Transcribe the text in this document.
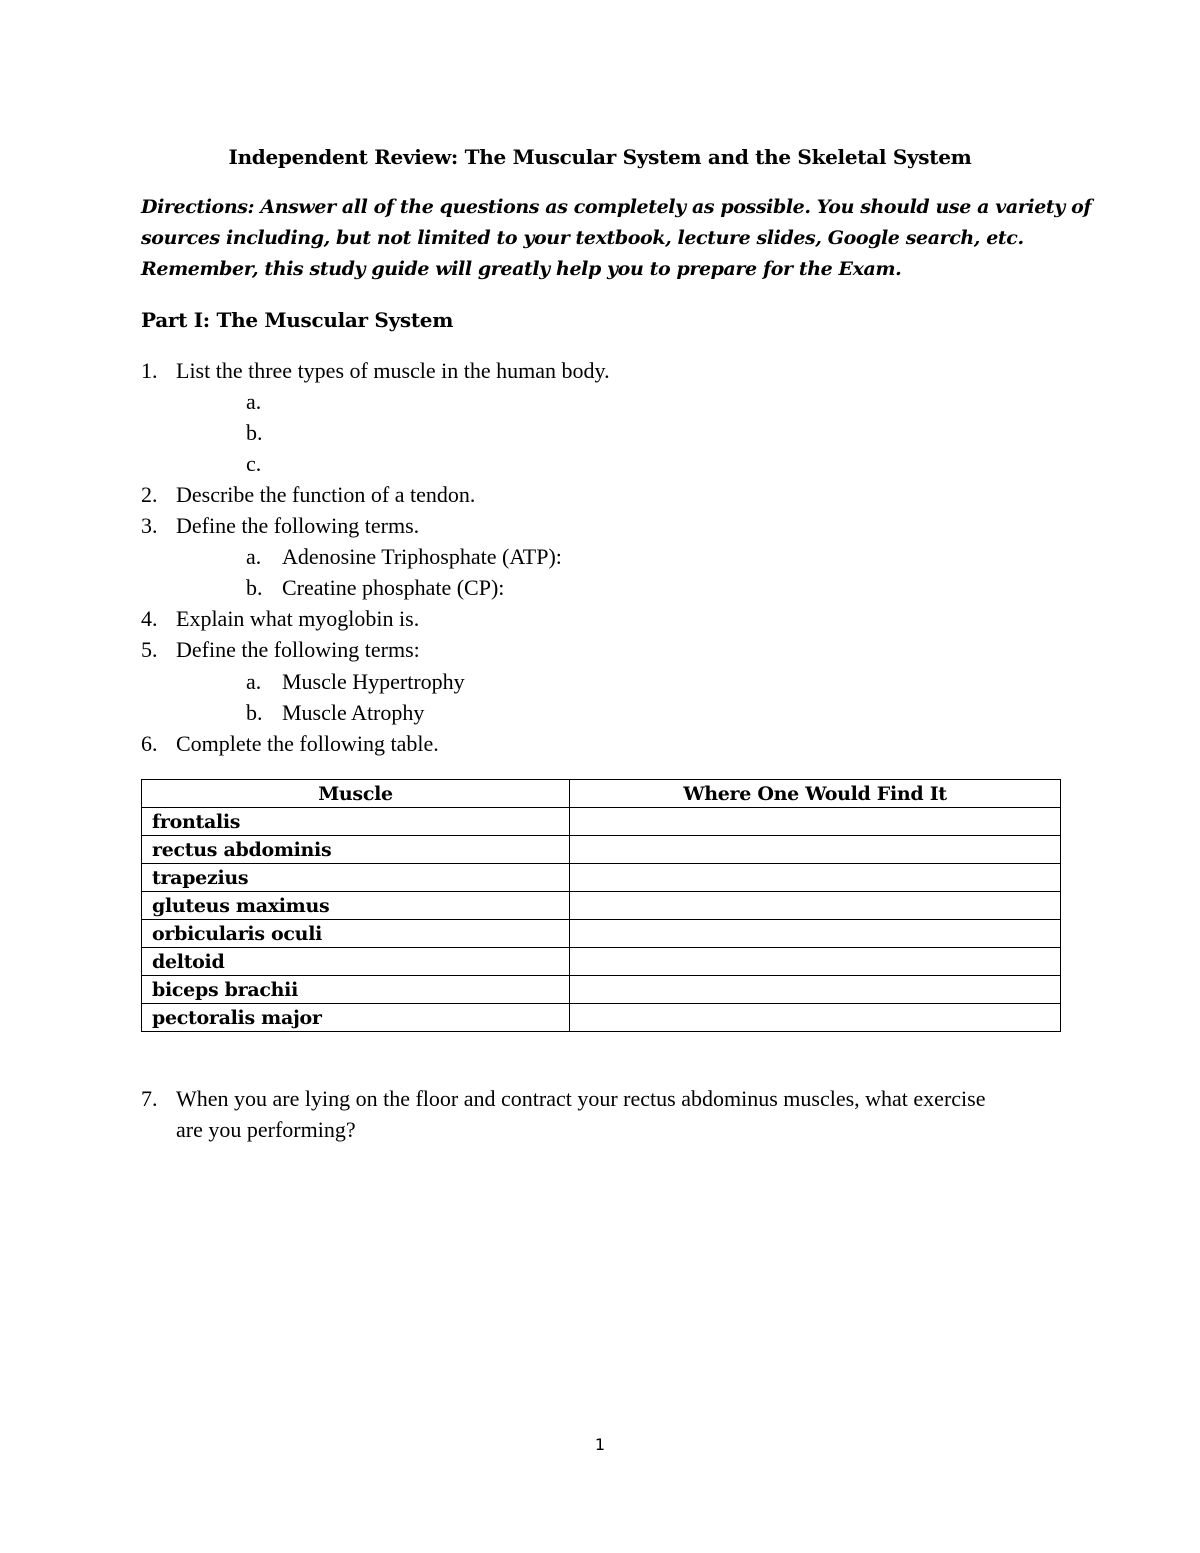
Independent Review: The Muscular System and the Skeletal System
Directions: Answer all of the questions as completely as possible. You should use a variety of
sources including, but not limited to your textbook, lecture slides, Google search, etc.
Remember, this study guide will greatly help you to prepare for the Exam.
Part I: The Muscular System
1. List the three types of muscle in the human body.
a.
b.
c.
2. Describe the function of a tendon.
3. Define the following terms.
a. Adenosine Triphosphate (ATP):
b. Creatine phosphate (CP):
4. Explain what myoglobin is.
5. Define the following terms:
a. Muscle Hypertrophy
b. Muscle Atrophy
6. Complete the following table.
Muscle	Where One Would Find It
frontalis	
rectus abdominis	
trapezius	
gluteus maximus	
orbicularis oculi	
deltoid	
biceps brachii	
pectoralis major	
7. When you are lying on the floor and contract your rectus abdominus muscles, what exercise
are you performing?
1
